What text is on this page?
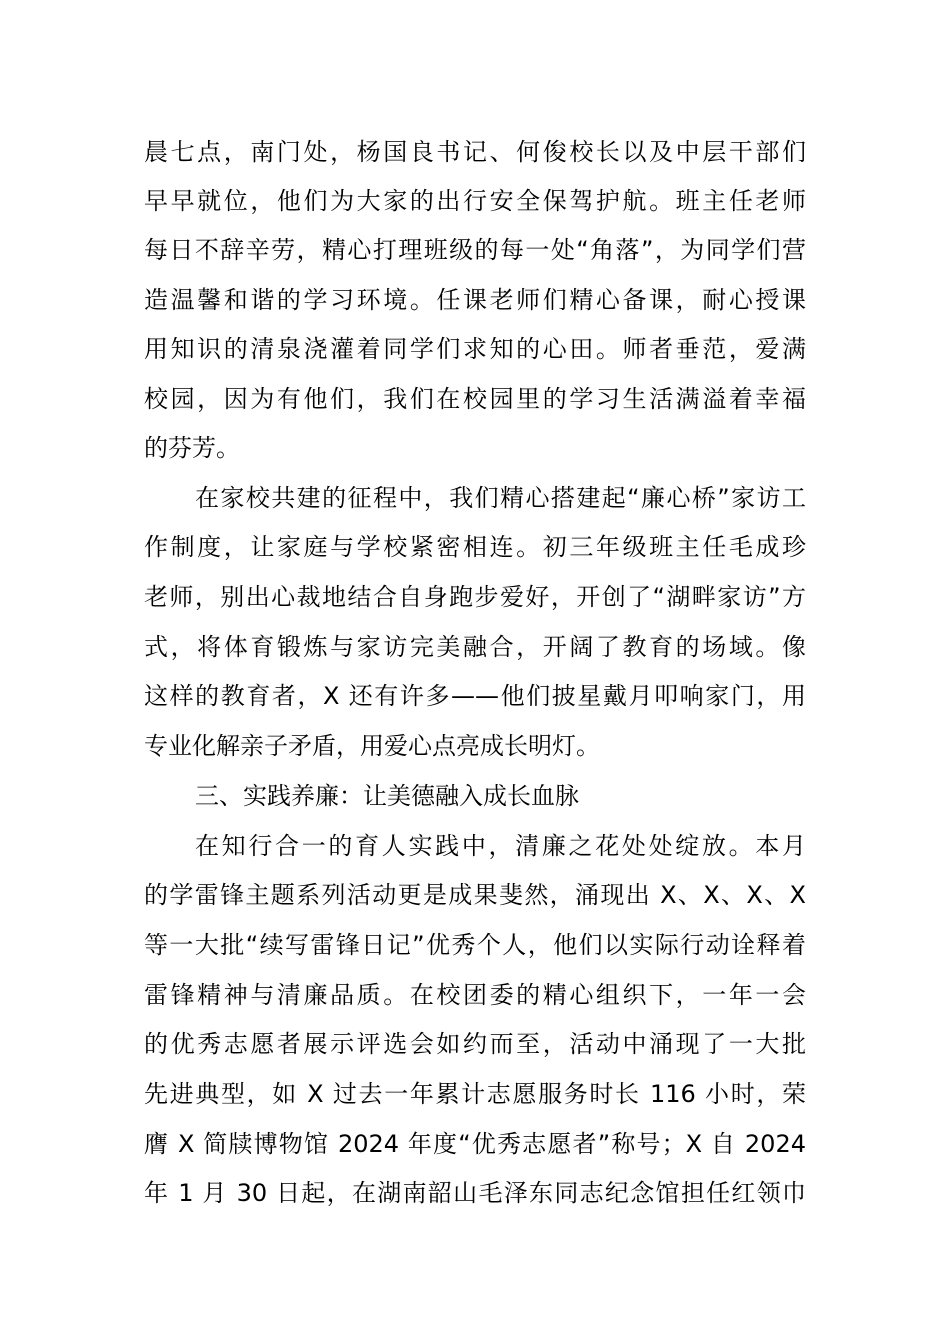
晨七点，南门处，杨国良书记、何俊校长以及中层干部们
早早就位，他们为大家的出行安全保驾护航。班主任老师
每日不辞辛劳，精心打理班级的每一处“角落”，为同学们营
造温馨和谐的学习环境。任课老师们精心备课，耐心授课
用知识的清泉浇灌着同学们求知的心田。师者垂范，爱满
校园，因为有他们，我们在校园里的学习生活满溢着幸福
的芬芳。
在家校共建的征程中，我们精心搭建起“廉心桥”家访工
作制度，让家庭与学校紧密相连。初三年级班主任毛成珍
老师，别出心裁地结合自身跑步爱好，开创了“湖畔家访”方
式，将体育锻炼与家访完美融合，开阔了教育的场域。像
这样的教育者，X 还有许多——他们披星戴月叩响家门，用
专业化解亲子矛盾，用爱心点亮成长明灯。
三、实践养廉：让美德融入成长血脉
在知行合一的育人实践中，清廉之花处处绽放。本月
的学雷锋主题系列活动更是成果斐然，涌现出 X、X、X、X
等一大批“续写雷锋日记”优秀个人，他们以实际行动诠释着
雷锋精神与清廉品质。在校团委的精心组织下，一年一会
的优秀志愿者展示评选会如约而至，活动中涌现了一大批
先进典型，如 X 过去一年累计志愿服务时长 116 小时，荣
膺 X 简牍博物馆 2024 年度“优秀志愿者”称号；X 自 2024
年 1 月 30 日起，在湖南韶山毛泽东同志纪念馆担任红领巾
